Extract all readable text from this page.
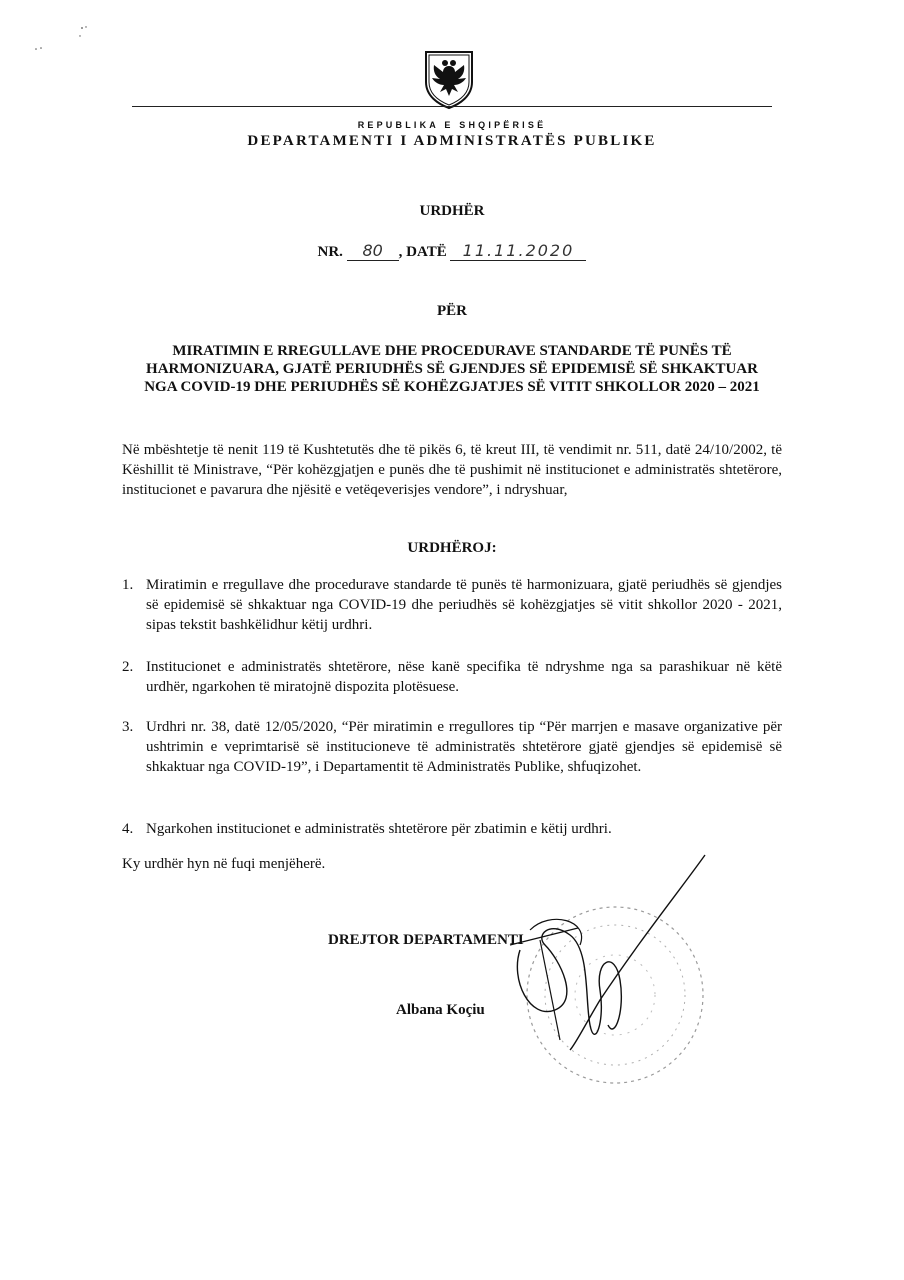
REPUBLIKA E SHQIPËRISË
DEPARTAMENTI I ADMINISTRATËS PUBLIKE
URDHËR
NR. 80 , DATË 11.11.2020
PËR
MIRATIMIN E RREGULLAVE DHE PROCEDURAVE STANDARDE TË PUNËS TË HARMONIZUARA, GJATË PERIUDHËS SË GJENDJES SË EPIDEMISË SË SHKAKTUAR NGA COVID-19 DHE PERIUDHËS SË KOHËZGJATJES SË VITIT SHKOLLOR 2020 – 2021
Në mbështetje të nenit 119 të Kushtetutës dhe të pikës 6, të kreut III, të vendimit nr. 511, datë 24/10/2002, të Këshillit të Ministrave, “Për kohëzgjatjen e punës dhe të pushimit në institucionet e administratës shtetërore, institucionet e pavarura dhe njësitë e vetëqeverisjes vendore”, i ndryshuar,
URDHËROJ:
1. Miratimin e rregullave dhe procedurave standarde të punës të harmonizuara, gjatë periudhës së gjendjes së epidemisë së shkaktuar nga COVID-19 dhe periudhës së kohëzgjatjes së vitit shkollor 2020 - 2021, sipas tekstit bashkëlidhur këtij urdhri.
2. Institucionet e administratës shtetërore, nëse kanë specifika të ndryshme nga sa parashikuar në këtë urdhër, ngarkohen të miratojnë dispozita plotësuese.
3. Urdhri nr. 38, datë 12/05/2020, “Për miratimin e rregullores tip “Për marrjen e masave organizative për ushtrimin e veprimtarisë së institucioneve të administratës shtetërore gjatë gjendjes së epidemisë së shkaktuar nga COVID-19”, i Departamentit të Administratës Publike, shfuqizohet.
4. Ngarkohen institucionet e administratës shtetërore për zbatimin e këtij urdhri.
Ky urdhër hyn në fuqi menjëherë.
DREJTOR DEPARTAMENTI
Albana Koçiu
